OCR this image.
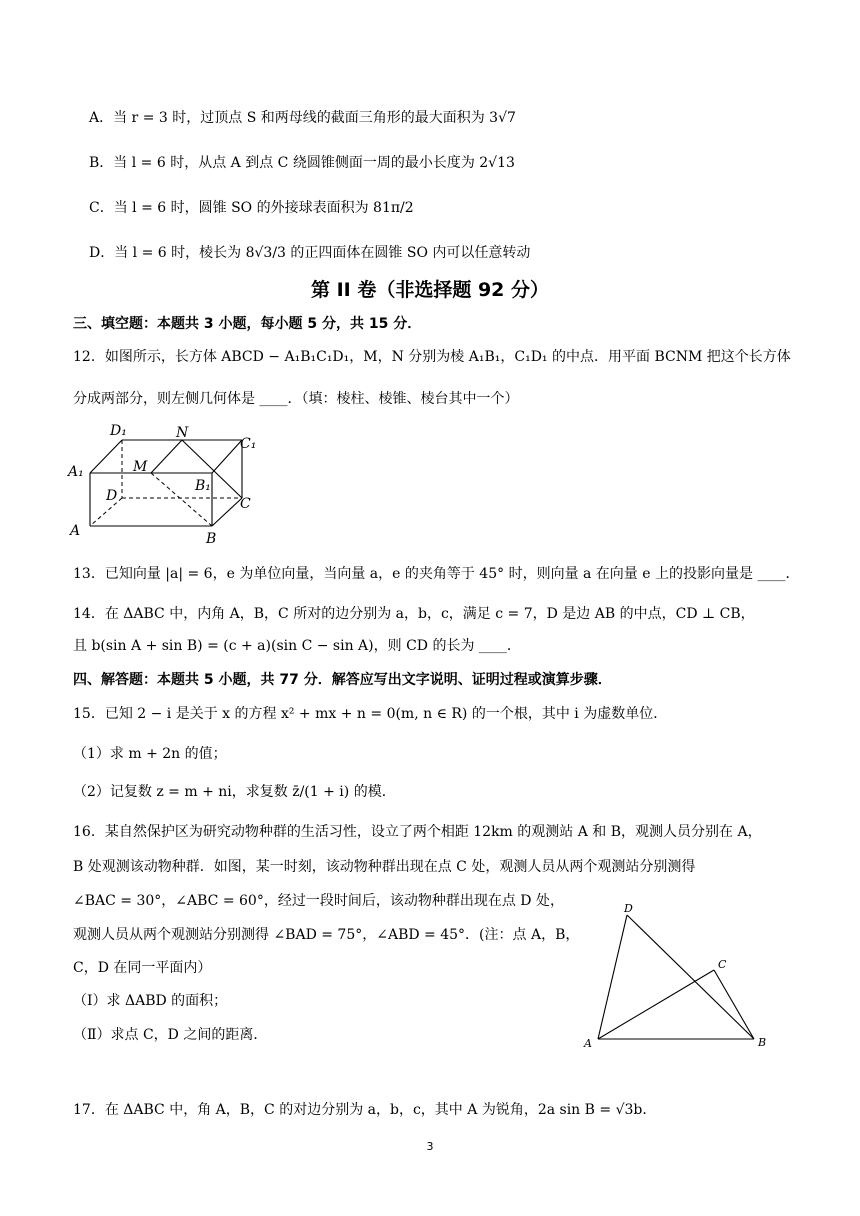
A．当 r = 3 时，过顶点 S 和两母线的截面三角形的最大面积为 3√7
B．当 l = 6 时，从点 A 到点 C 绕圆锥侧面一周的最小长度为 2√13
C．当 l = 6 时，圆锥 SO 的外接球表面积为 81π/2
D．当 l = 6 时，棱长为 8√3/3 的正四面体在圆锥 SO 内可以任意转动
第 II 卷（非选择题 92 分）
三、填空题：本题共 3 小题，每小题 5 分，共 15 分．
12．如图所示，长方体 ABCD − A₁B₁C₁D₁，M，N 分别为棱 A₁B₁，C₁D₁ 的中点．用平面 BCNM 把这个长方体
分成两部分，则左侧几何体是 ____．（填：棱柱、棱锥、棱台其中一个）
D₁	N
C₁
A₁	M
B₁
D	C
A	B
13．已知向量 |a| = 6，e 为单位向量，当向量 a，e 的夹角等于 45° 时，则向量 a 在向量 e 上的投影向量是 ____．
14．在 ΔABC 中，内角 A，B，C 所对的边分别为 a，b，c，满足 c = 7，D 是边 AB 的中点，CD ⊥ CB，
且 b(sin A + sin B) = (c + a)(sin C − sin A)，则 CD 的长为 ____．
四、解答题：本题共 5 小题，共 77 分．解答应写出文字说明、证明过程或演算步骤．
15．已知 2 − i 是关于 x 的方程 x² + mx + n = 0(m, n ∈ R) 的一个根，其中 i 为虚数单位．
（1）求 m + 2n 的值；
（2）记复数 z = m + ni，求复数 z̄/(1 + i) 的模．
16．某自然保护区为研究动物种群的生活习性，设立了两个相距 12km 的观测站 A 和 B，观测人员分别在 A，
B 处观测该动物种群．如图，某一时刻，该动物种群出现在点 C 处，观测人员从两个观测站分别测得
∠BAC = 30°，∠ABC = 60°，经过一段时间后，该动物种群出现在点 D 处，
观测人员从两个观测站分别测得 ∠BAD = 75°，∠ABD = 45°．(注：点 A，B，
C，D 在同一平面内）
（Ⅰ）求 ΔABD 的面积；
（Ⅱ）求点 C，D 之间的距离．
D
C
A	B
17．在 ΔABC 中，角 A，B，C 的对边分别为 a，b，c，其中 A 为锐角，2a sin B = √3b．
3
